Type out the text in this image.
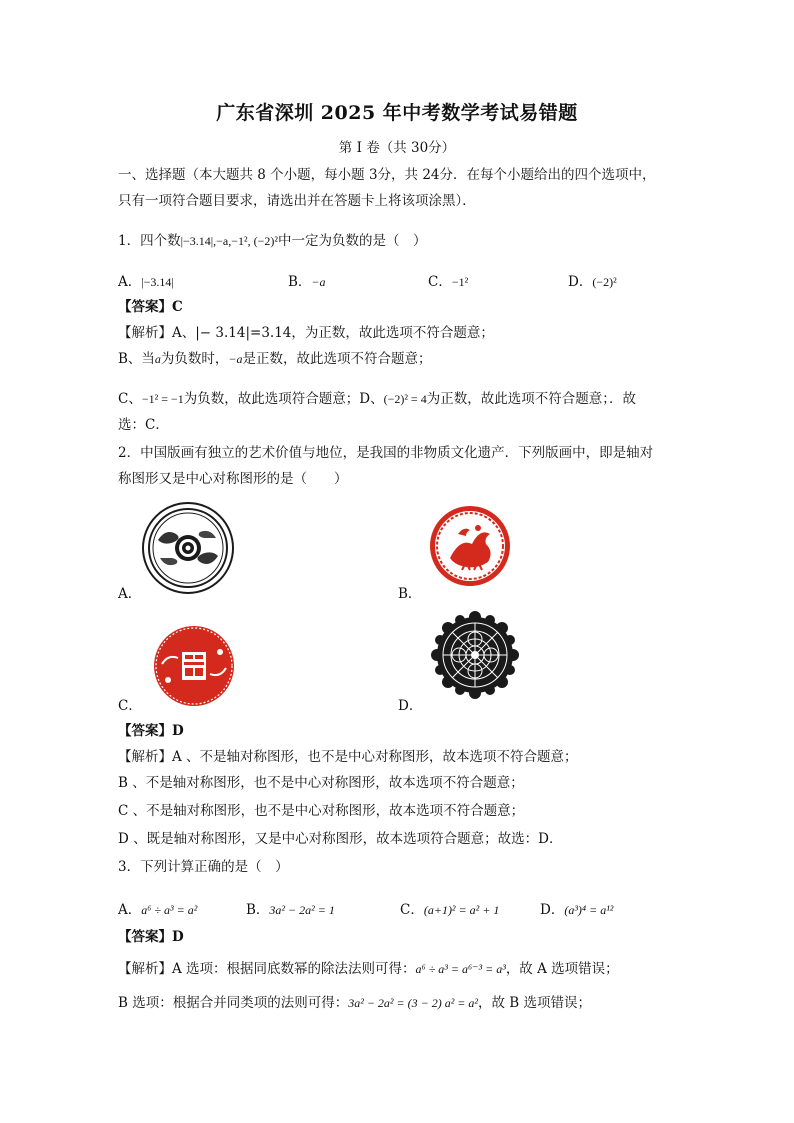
广东省深圳 2025 年中考数学考试易错题
第 I 卷（共 30分）
一、选择题（本大题共 8 个小题，每小题 3分，共 24分．在每个小题给出的四个选项中，
只有一项符合题目要求，请选出并在答题卡上将该项涂黑）．
1．四个数|−3.14|,−a,−1², (−2)²中一定为负数的是（　）
A．|−3.14|	B．−a	C．−1²	D．(−2)²
【答案】C
【解析】A、|− 3.14|=3.14，为正数，故此选项不符合题意；
B、当a为负数时，−a是正数，故此选项不符合题意；
C、−1² = −1为负数，故此选项符合题意；D、(−2)² = 4为正数，故此选项不符合题意；．故
选：C．
2．中国版画有独立的艺术价值与地位，是我国的非物质文化遗产．下列版画中，即是轴对
称图形又是中心对称图形的是（　　）
A．	B．
C．	D．
【答案】D
【解析】A 、不是轴对称图形，也不是中心对称图形，故本选项不符合题意；
B 、不是轴对称图形，也不是中心对称图形，故本选项不符合题意；
C 、不是轴对称图形，也不是中心对称图形，故本选项不符合题意；
D 、既是轴对称图形，又是中心对称图形，故本选项符合题意；故选：D．
3．下列计算正确的是（　）
A．a⁶ ÷ a³ = a²	B．3a² − 2a² = 1	C．(a+1)² = a² + 1	D．(a³)⁴ = a¹²
【答案】D
【解析】A 选项：根据同底数幂的除法法则可得：a⁶ ÷ a³ = a⁶⁻³ = a³，故 A 选项错误；
B 选项：根据合并同类项的法则可得：3a² − 2a² = (3 − 2) a² = a²，故 B 选项错误；
